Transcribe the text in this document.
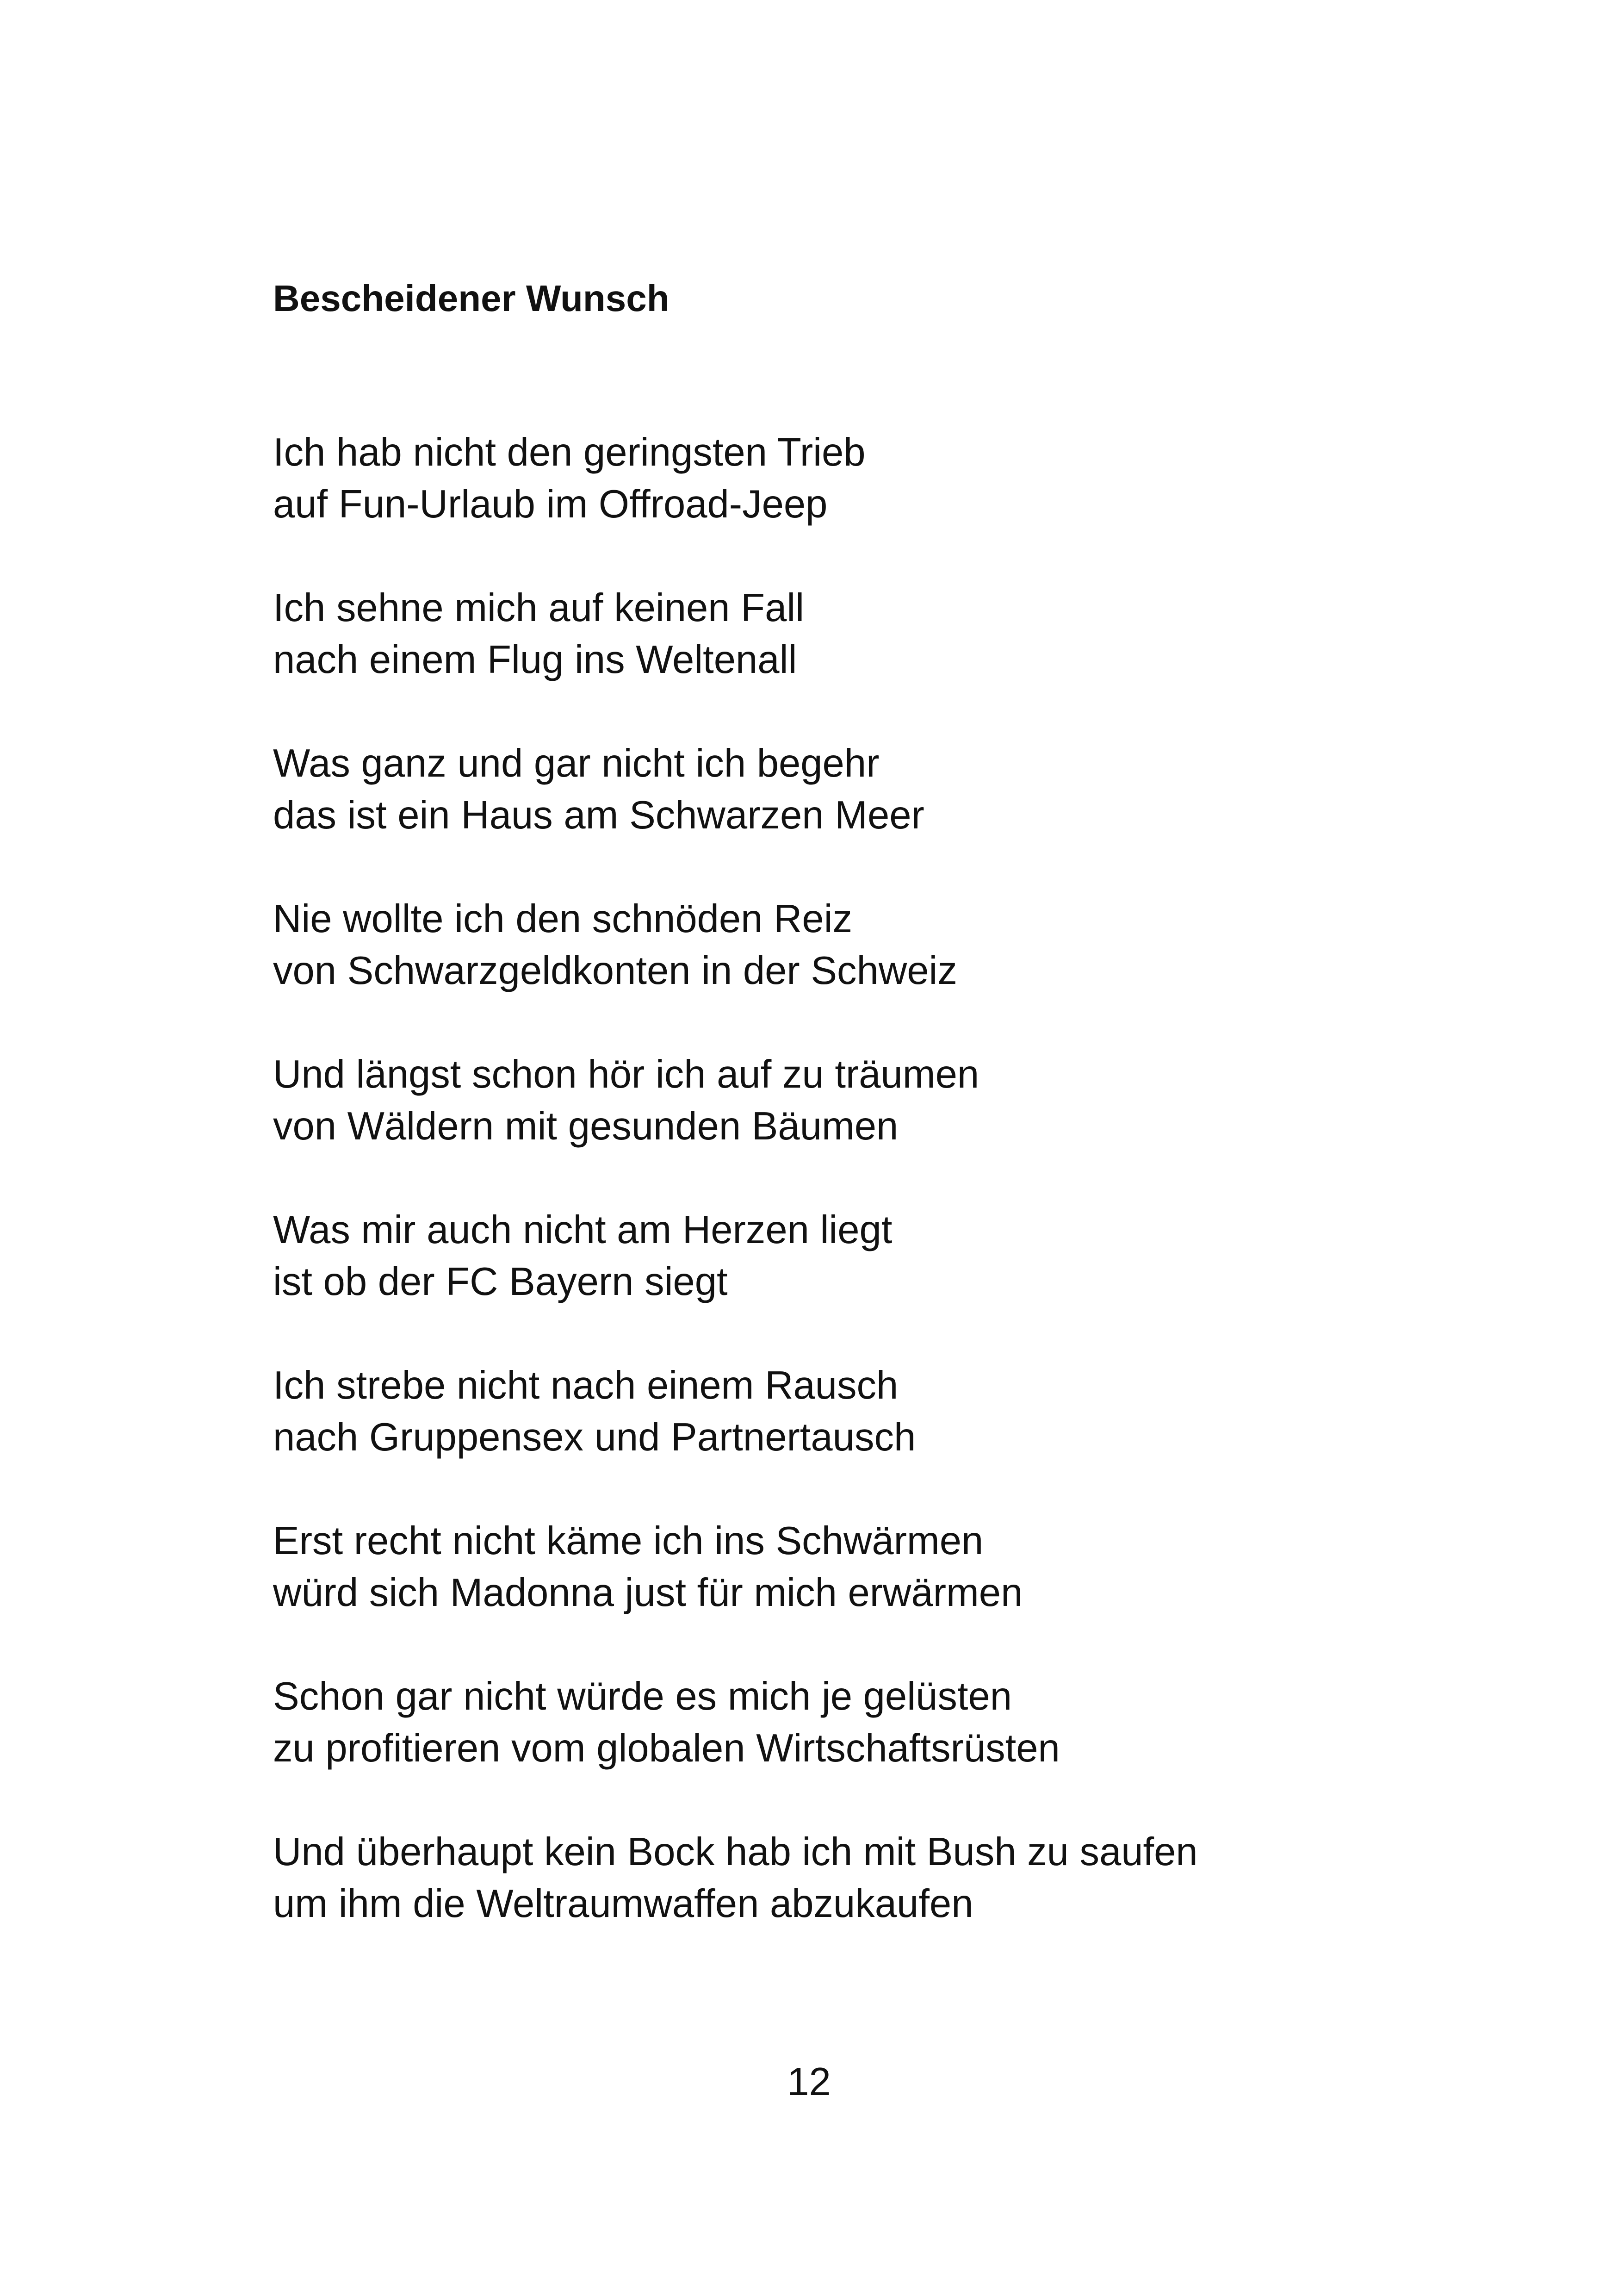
Bescheidener Wunsch
Ich hab nicht den geringsten Trieb
auf Fun-Urlaub im Offroad-Jeep
Ich sehne mich auf keinen Fall
nach einem Flug ins Weltenall
Was ganz und gar nicht ich begehr
das ist ein Haus am Schwarzen Meer
Nie wollte ich den schnöden Reiz
von Schwarzgeldkonten in der Schweiz
Und längst schon hör ich auf zu träumen
von Wäldern mit gesunden Bäumen
Was mir auch nicht am Herzen liegt
ist ob der FC Bayern siegt
Ich strebe nicht nach einem Rausch
nach Gruppensex und Partnertausch
Erst recht nicht käme ich ins Schwärmen
würd sich Madonna just für mich erwärmen
Schon gar nicht würde es mich je gelüsten
zu profitieren vom globalen Wirtschaftsrüsten
Und überhaupt kein Bock hab ich mit Bush zu saufen
um ihm die Weltraumwaffen abzukaufen
12
